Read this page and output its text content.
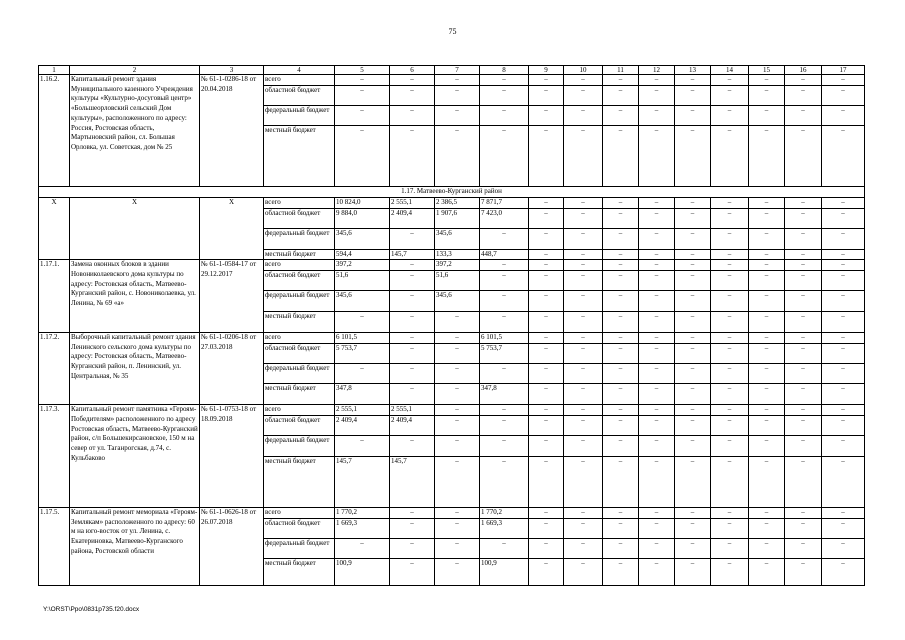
75
1	2	3	4	5	6	7	8	9	10	11	12	13	14	15	16	17
1.16.2.	Капитальный ремонт здания Муниципального казенного Учреждения культуры «Культурно-досуговый центр» «Большеорловский сельский Дом культуры», расположенного по адресу: Россия, Ростовская область, Мартыновский район, сл. Большая Орловка, ул. Советская, дом № 25	№ 61-1-0286-18 от 20.04.2018	всего	–	–	–	–	–	–	–	–	–	–	–	–	–
			областной бюджет	–	–	–	–	–	–	–	–	–	–	–	–	–
			федеральный бюджет	–	–	–	–	–	–	–	–	–	–	–	–	–
			местный бюджет	–	–	–	–	–	–	–	–	–	–	–	–	–
1.17. Матвеево-Курганский район																
Х	Х	Х	всего	10 824,0	2 555,1	2 386,5	7 871,7	–	–	–	–	–	–	–	–	–
			областной бюджет	9 884,0	2 409,4	1 907,6	7 423,0	–	–	–	–	–	–	–	–	–
			федеральный бюджет	345,6	–	345,6	–	–	–	–	–	–	–	–	–	–
			местный бюджет	594,4	145,7	133,3	448,7	–	–	–	–	–	–	–	–	–
1.17.1.	Замена оконных блоков в здании Новониколаевского дома культуры по адресу: Ростовская область, Матвеево-Курганский район, с. Новониколаевка, ул. Ленина, № 69 «а»	№ 61-1-0584-17 от 29.12.2017	всего	397,2	–	397,2	–	–	–	–	–	–	–	–	–	–
			областной бюджет	51,6	–	51,6	–	–	–	–	–	–	–	–	–	–
			федеральный бюджет	345,6	–	345,6	–	–	–	–	–	–	–	–	–	–
			местный бюджет	–	–	–	–	–	–	–	–	–	–	–	–	–
1.17.2.	Выборочный капитальный ремонт здания Ленинского сельского дома культуры по адресу: Ростовская область, Матвеево-Курганский район, п. Ленинский, ул. Центральная, № 35	№ 61-1-0206-18 от 27.03.2018	всего	6 101,5	–	–	6 101,5	–	–	–	–	–	–	–	–	–
			областной бюджет	5 753,7	–	–	5 753,7	–	–	–	–	–	–	–	–	–
			федеральный бюджет	–	–	–	–	–	–	–	–	–	–	–	–	–
			местный бюджет	347,8	–	–	347,8	–	–	–	–	–	–	–	–	–
1.17.3.	Капитальный ремонт памятника «Героям-Победителям» расположенного по адресу Ростовская область, Матвеево-Курганский район, с/п Большекирсановское, 150 м на север от ул. Таганрогская, д.74, с. Кульбаково	№ 61-1-0753-18 от 18.09.2018	всего	2 555,1	2 555,1	–	–	–	–	–	–	–	–	–	–	–
			областной бюджет	2 409,4	2 409,4	–	–	–	–	–	–	–	–	–	–	–
			федеральный бюджет	–	–	–	–	–	–	–	–	–	–	–	–	–
			местный бюджет	145,7	145,7	–	–	–	–	–	–	–	–	–	–	–
1.17.5.	Капитальный ремонт мемориала «Героям-Землякам» расположенного по адресу: 60 м на юго-восток от ул. Ленина, с. Екатериновка, Матвеево-Курганского района, Ростовской области	№ 61-1-0626-18 от 26.07.2018	всего	1 770,2	–	–	1 770,2	–	–	–	–	–	–	–	–	–
			областной бюджет	1 669,3	–	–	1 669,3	–	–	–	–	–	–	–	–	–
			федеральный бюджет	–	–	–	–	–	–	–	–	–	–	–	–	–
			местный бюджет	100,9	–	–	100,9	–	–	–	–	–	–	–	–	–
Y:\ORST\Ppo\0831p735.f20.docx
